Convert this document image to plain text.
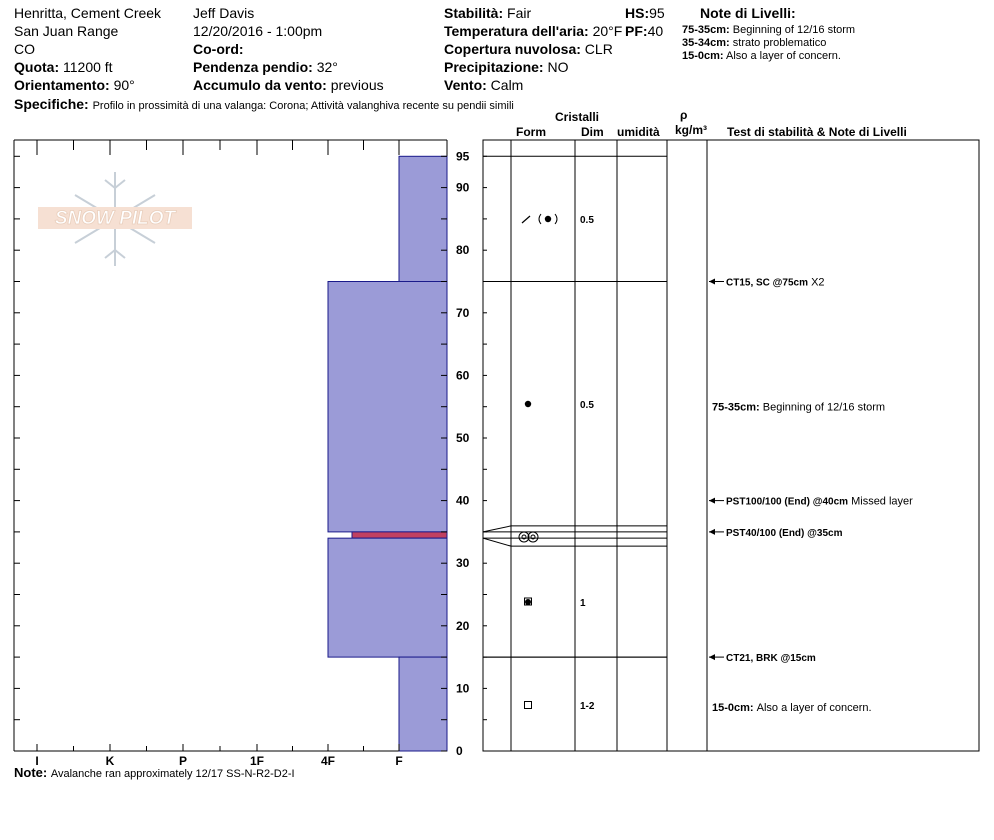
Henritta, Cement Creek
San Juan Range
CO
Quota: 11200 ft
Orientamento: 90°
Jeff Davis
12/20/2016 - 1:00pm
Co-ord:
Pendenza pendio: 32°
Accumulo da vento: previous
Stabilità: Fair
Temperatura dell'aria: 20°F
Copertura nuvolosa: CLR
Precipitazione: NO
Vento: Calm
HS:95
PF:40
Specifiche: Profilo in prossimità di una valanga: Corona; Attività valanghiva recente su pendii simili
Note di Livelli:
75-35cm: Beginning of 12/16 storm
35-34cm: strato problematico
15-0cm: Also a layer of concern.
Cristalli
Form	Dim umidità
ρ
kg/m³ Test di stabilità & Note di Livelli
SNOW PILOT
I	K	P	1F	4F	F
0
10
20
30
40
50
60
70
80
90
95
0.5
0.5
1
1-2
CT15, SC @75cm X2
PST100/100 (End) @40cm Missed layer
PST40/100 (End) @35cm
CT21, BRK @15cm
75-35cm: Beginning of 12/16 storm
15-0cm: Also a layer of concern.
Note: Avalanche ran approximately 12/17 SS-N-R2-D2-I
